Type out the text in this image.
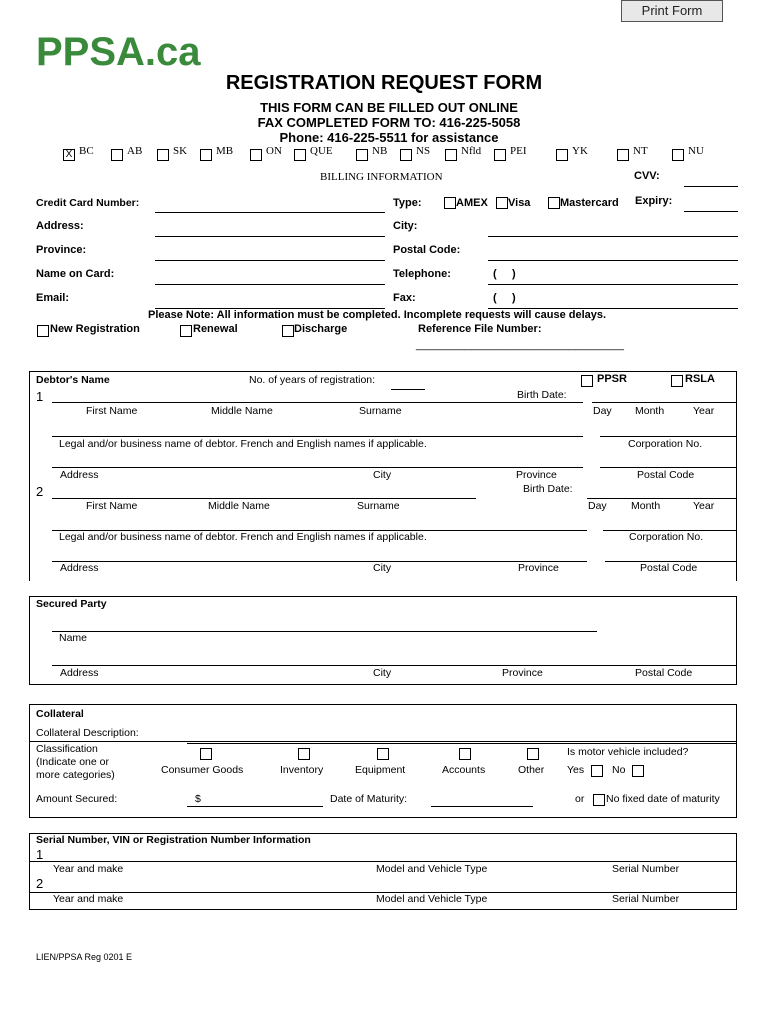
Print Form
PPSA.ca
REGISTRATION REQUEST FORM
THIS FORM CAN BE FILLED OUT ONLINE
FAX COMPLETED FORM TO: 416-225-5058
Phone: 416-225-5511 for assistance
X BC	AB	SK	MB	ON	QUE	NB	NS	Nfld	PEI	YK	NT	NU
BILLING INFORMATION	CVV:
Credit Card Number:	Type:	AMEX Visa	Mastercard Expiry:
Address:	City:
Province:	Postal Code:
Name on Card:	Telephone:	(     )
Email:	Fax:	(     )
Please Note: All information must be completed. Incomplete requests will cause delays.
New Registration	Renewal	Discharge	Reference File Number:
__________________________________
Debtor's Name	No. of years of registration:	PPSR	RSLA
1	Birth Date:
First Name	Middle Name	Surname	Day Month	Year
Legal and/or business name of debtor. French and English names if applicable.	Corporation No.
Address	City	Province	Postal Code
2	Birth Date:
First Name	Middle Name	Surname	Day Month	Year
Legal and/or business name of debtor. French and English names if applicable.	Corporation No.
Address	City	Province	Postal Code
Secured Party
Name
Address	City	Province	Postal Code
Collateral
Collateral Description:
Classification
(Indicate one or
more categories)	Consumer Goods	Inventory	Equipment	Accounts	Other
Is motor vehicle included?
Yes	No
Amount Secured:	$	Date of Maturity:	or No fixed date of maturity
Serial Number, VIN or Registration Number Information
1
Year and make	Model and Vehicle Type	Serial Number
2
Year and make	Model and Vehicle Type	Serial Number
LIEN/PPSA Reg 0201 E
